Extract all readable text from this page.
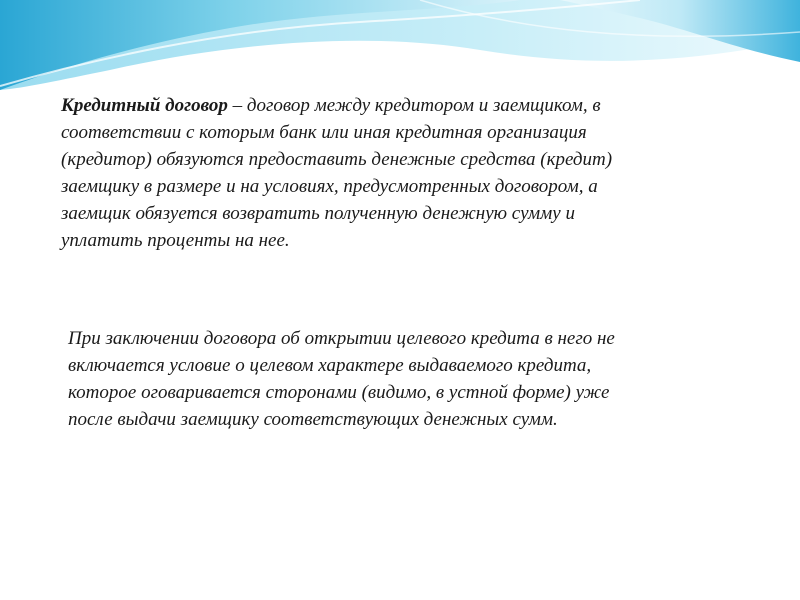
Кредитный договор – договор между кредитором и заемщиком, в
соответствии с которым банк или иная кредитная организация
(кредитор) обязуются предоставить денежные средства (кредит)
заемщику в размере и на условиях, предусмотренных договором, а
заемщик обязуется возвратить полученную денежную сумму и
уплатить проценты на нее.

При заключении договора об открытии целевого кредита в него не
включается условие о целевом характере выдаваемого кредита,
которое оговаривается сторонами (видимо, в устной форме) уже
после выдачи заемщику соответствующих денежных сумм.
